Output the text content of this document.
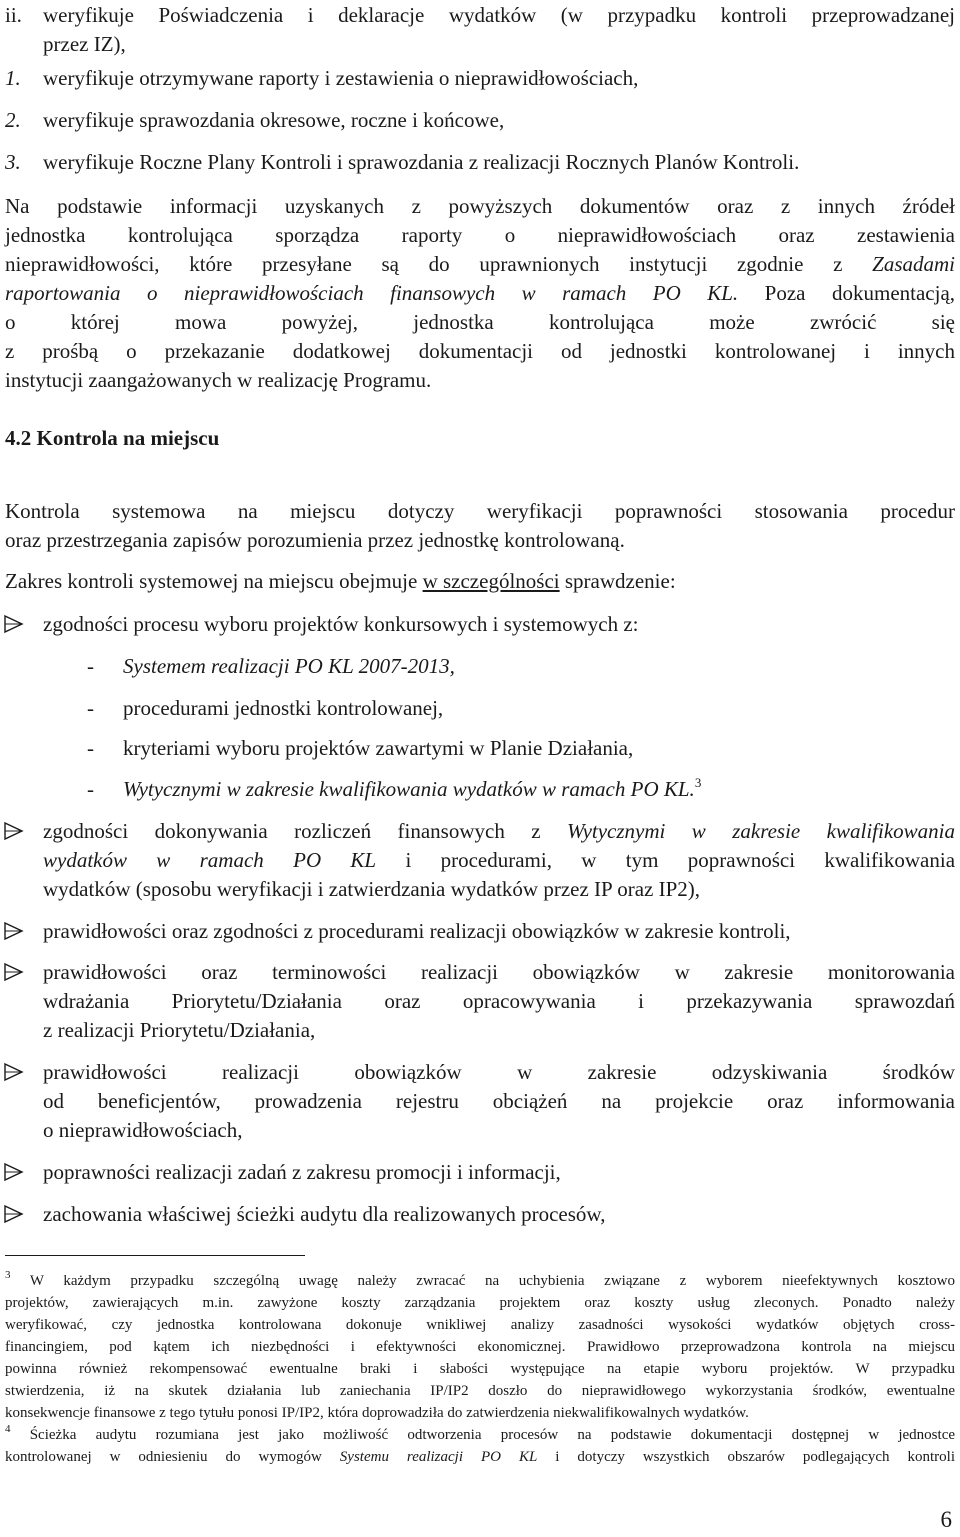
ii. weryfikuje Poświadczenia i deklaracje wydatków (w przypadku kontroli przeprowadzanej
przez IZ),
1. weryfikuje otrzymywane raporty i zestawienia o nieprawidłowościach,
2. weryfikuje sprawozdania okresowe, roczne i końcowe,
3. weryfikuje Roczne Plany Kontroli i sprawozdania z realizacji Rocznych Planów Kontroli.
Na podstawie informacji uzyskanych z powyższych dokumentów oraz z innych źródeł
jednostka kontrolująca sporządza raporty o nieprawidłowościach oraz zestawienia
nieprawidłowości, które przesyłane są do uprawnionych instytucji zgodnie z Zasadami
raportowania o nieprawidłowościach finansowych w ramach PO KL. Poza dokumentacją,
o której mowa powyżej, jednostka kontrolująca może zwrócić się
z prośbą o przekazanie dodatkowej dokumentacji od jednostki kontrolowanej i innych
instytucji zaangażowanych w realizację Programu.
4.2 Kontrola na miejscu
Kontrola systemowa na miejscu dotyczy weryfikacji poprawności stosowania procedur
oraz przestrzegania zapisów porozumienia przez jednostkę kontrolowaną.
Zakres kontroli systemowej na miejscu obejmuje w szczególności sprawdzenie:
zgodności procesu wyboru projektów konkursowych i systemowych z:
- Systemem realizacji PO KL 2007-2013,
- procedurami jednostki kontrolowanej,
- kryteriami wyboru projektów zawartymi w Planie Działania,
- Wytycznymi w zakresie kwalifikowania wydatków w ramach PO KL.$^3$
zgodności dokonywania rozliczeń finansowych z Wytycznymi w zakresie kwalifikowania
wydatków w ramach PO KL i procedurami, w tym poprawności kwalifikowania
wydatków (sposobu weryfikacji i zatwierdzania wydatków przez IP oraz IP2),
prawidłowości oraz zgodności z procedurami realizacji obowiązków w zakresie kontroli,
prawidłowości oraz terminowości realizacji obowiązków w zakresie monitorowania
wdrażania Priorytetu/Działania oraz opracowywania i przekazywania sprawozdań
z realizacji Priorytetu/Działania,
prawidłowości realizacji obowiązków w zakresie odzyskiwania środków
od beneficjentów, prowadzenia rejestru obciążeń na projekcie oraz informowania
o nieprawidłowościach,
poprawności realizacji zadań z zakresu promocji i informacji,
zachowania właściwej ścieżki audytu dla realizowanych procesów,
$^3$ W każdym przypadku szczególną uwagę należy zwracać na uchybienia związane z wyborem nieefektywnych kosztowo
projektów, zawierających m.in. zawyżone koszty zarządzania projektem oraz koszty usług zleconych. Ponadto należy
weryfikować, czy jednostka kontrolowana dokonuje wnikliwej analizy zasadności wysokości wydatków objętych cross-
financingiem, pod kątem ich niezbędności i efektywności ekonomicznej. Prawidłowo przeprowadzona kontrola na miejscu
powinna również rekompensować ewentualne braki i słabości występujące na etapie wyboru projektów. W przypadku
stwierdzenia, iż na skutek działania lub zaniechania IP/IP2 doszło do nieprawidłowego wykorzystania środków, ewentualne
konsekwencje finansowe z tego tytułu ponosi IP/IP2, która doprowadziła do zatwierdzenia niekwalifikowalnych wydatków.
$^4$ Ścieżka audytu rozumiana jest jako możliwość odtworzenia procesów na podstawie dokumentacji dostępnej w jednostce
kontrolowanej w odniesieniu do wymogów Systemu realizacji PO KL i dotyczy wszystkich obszarów podlegających kontroli
6
